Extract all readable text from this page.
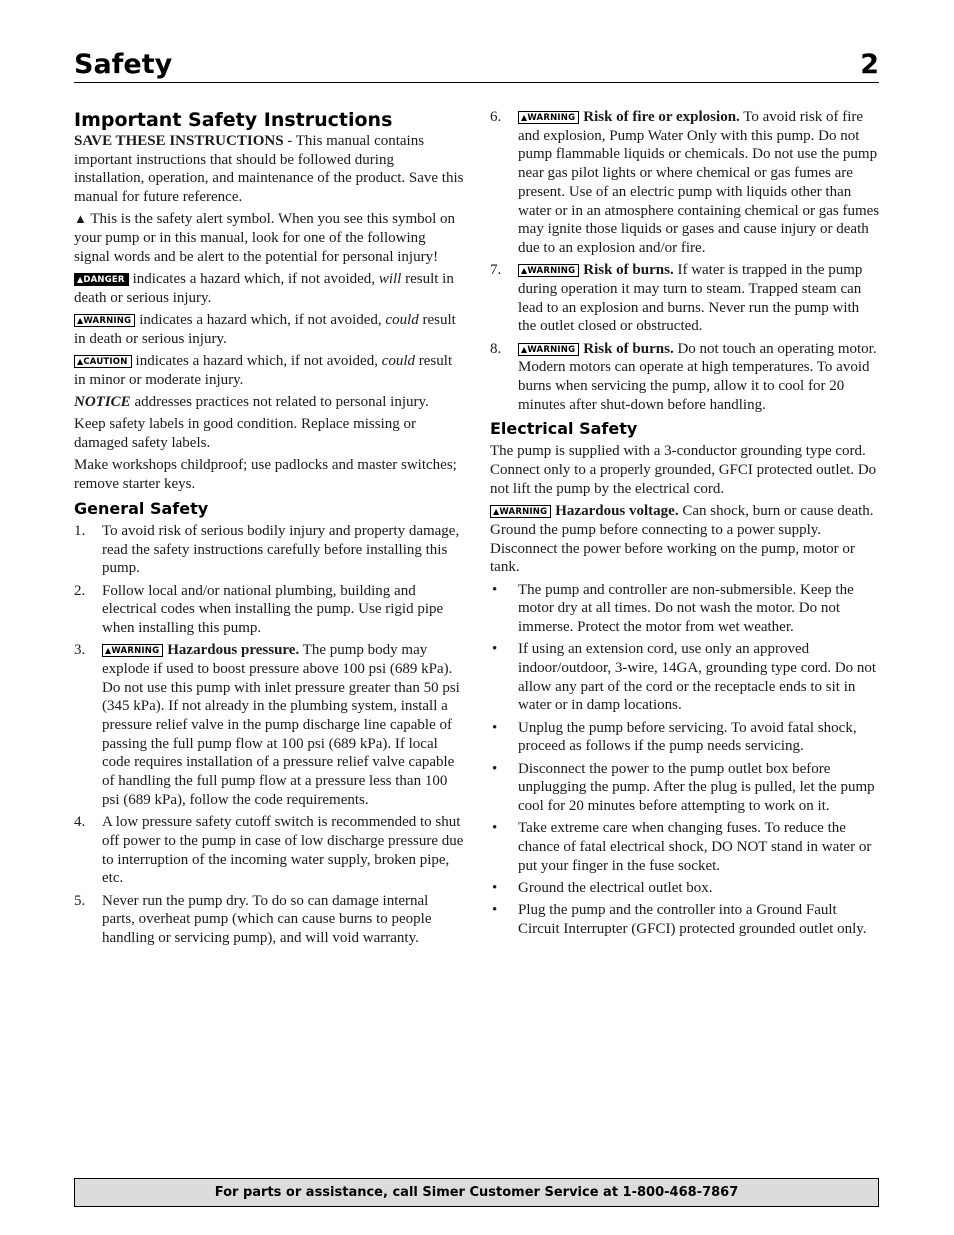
Safety	2
Important Safety Instructions

SAVE THESE INSTRUCTIONS - This manual contains important instructions that should be followed during installation, operation, and maintenance of the product. Save this manual for future reference.

▲ This is the safety alert symbol. When you see this symbol on your pump or in this manual, look for one of the following signal words and be alert to the potential for personal injury!

▲DANGER indicates a hazard which, if not avoided, will result in death or serious injury.

▲WARNING indicates a hazard which, if not avoided, could result in death or serious injury.

▲CAUTION indicates a hazard which, if not avoided, could result in minor or moderate injury.

NOTICE addresses practices not related to personal injury.

Keep safety labels in good condition. Replace missing or damaged safety labels.

Make workshops childproof; use padlocks and master switches; remove starter keys.

General Safety
1. To avoid risk of serious bodily injury and property damage, read the safety instructions carefully before installing this pump.
2. Follow local and/or national plumbing, building and electrical codes when installing the pump. Use rigid pipe when installing this pump.
3. ▲WARNING Hazardous pressure. The pump body may explode if used to boost pressure above 100 psi (689 kPa). Do not use this pump with inlet pressure greater than 50 psi (345 kPa). If not already in the plumbing system, install a pressure relief valve in the pump discharge line capable of passing the full pump flow at 100 psi (689 kPa). If local code requires installation of a pressure relief valve capable of handling the full pump flow at a pressure less than 100 psi (689 kPa), follow the code requirements.
4. A low pressure safety cutoff switch is recommended to shut off power to the pump in case of low discharge pressure due to interruption of the incoming water supply, broken pipe, etc.
5. Never run the pump dry. To do so can damage internal parts, overheat pump (which can cause burns to people handling or servicing pump), and will void warranty.
6. ▲WARNING Risk of fire or explosion. To avoid risk of fire and explosion, Pump Water Only with this pump. Do not pump flammable liquids or chemicals. Do not use the pump near gas pilot lights or where chemical or gas fumes are present. Use of an electric pump with liquids other than water or in an atmosphere containing chemical or gas fumes may ignite those liquids or gases and cause injury or death due to an explosion and/or fire.
7. ▲WARNING Risk of burns. If water is trapped in the pump during operation it may turn to steam. Trapped steam can lead to an explosion and burns. Never run the pump with the outlet closed or obstructed.
8. ▲WARNING Risk of burns. Do not touch an operating motor. Modern motors can operate at high temperatures. To avoid burns when servicing the pump, allow it to cool for 20 minutes after shut-down before handling.
Electrical Safety

The pump is supplied with a 3-conductor grounding type cord. Connect only to a properly grounded, GFCI protected outlet. Do not lift the pump by the electrical cord.

▲WARNING Hazardous voltage. Can shock, burn or cause death. Ground the pump before connecting to a power supply. Disconnect the power before working on the pump, motor or tank.

• The pump and controller are non-submersible. Keep the motor dry at all times. Do not wash the motor. Do not immerse. Protect the motor from wet weather.
• If using an extension cord, use only an approved indoor/outdoor, 3-wire, 14GA, grounding type cord. Do not allow any part of the cord or the receptacle ends to sit in water or in damp locations.
• Unplug the pump before servicing. To avoid fatal shock, proceed as follows if the pump needs servicing.
• Disconnect the power to the pump outlet box before unplugging the pump. After the plug is pulled, let the pump cool for 20 minutes before attempting to work on it.
• Take extreme care when changing fuses. To reduce the chance of fatal electrical shock, DO NOT stand in water or put your finger in the fuse socket.
• Ground the electrical outlet box.
• Plug the pump and the controller into a Ground Fault Circuit Interrupter (GFCI) protected grounded outlet only.
For parts or assistance, call Simer Customer Service at 1-800-468-7867
